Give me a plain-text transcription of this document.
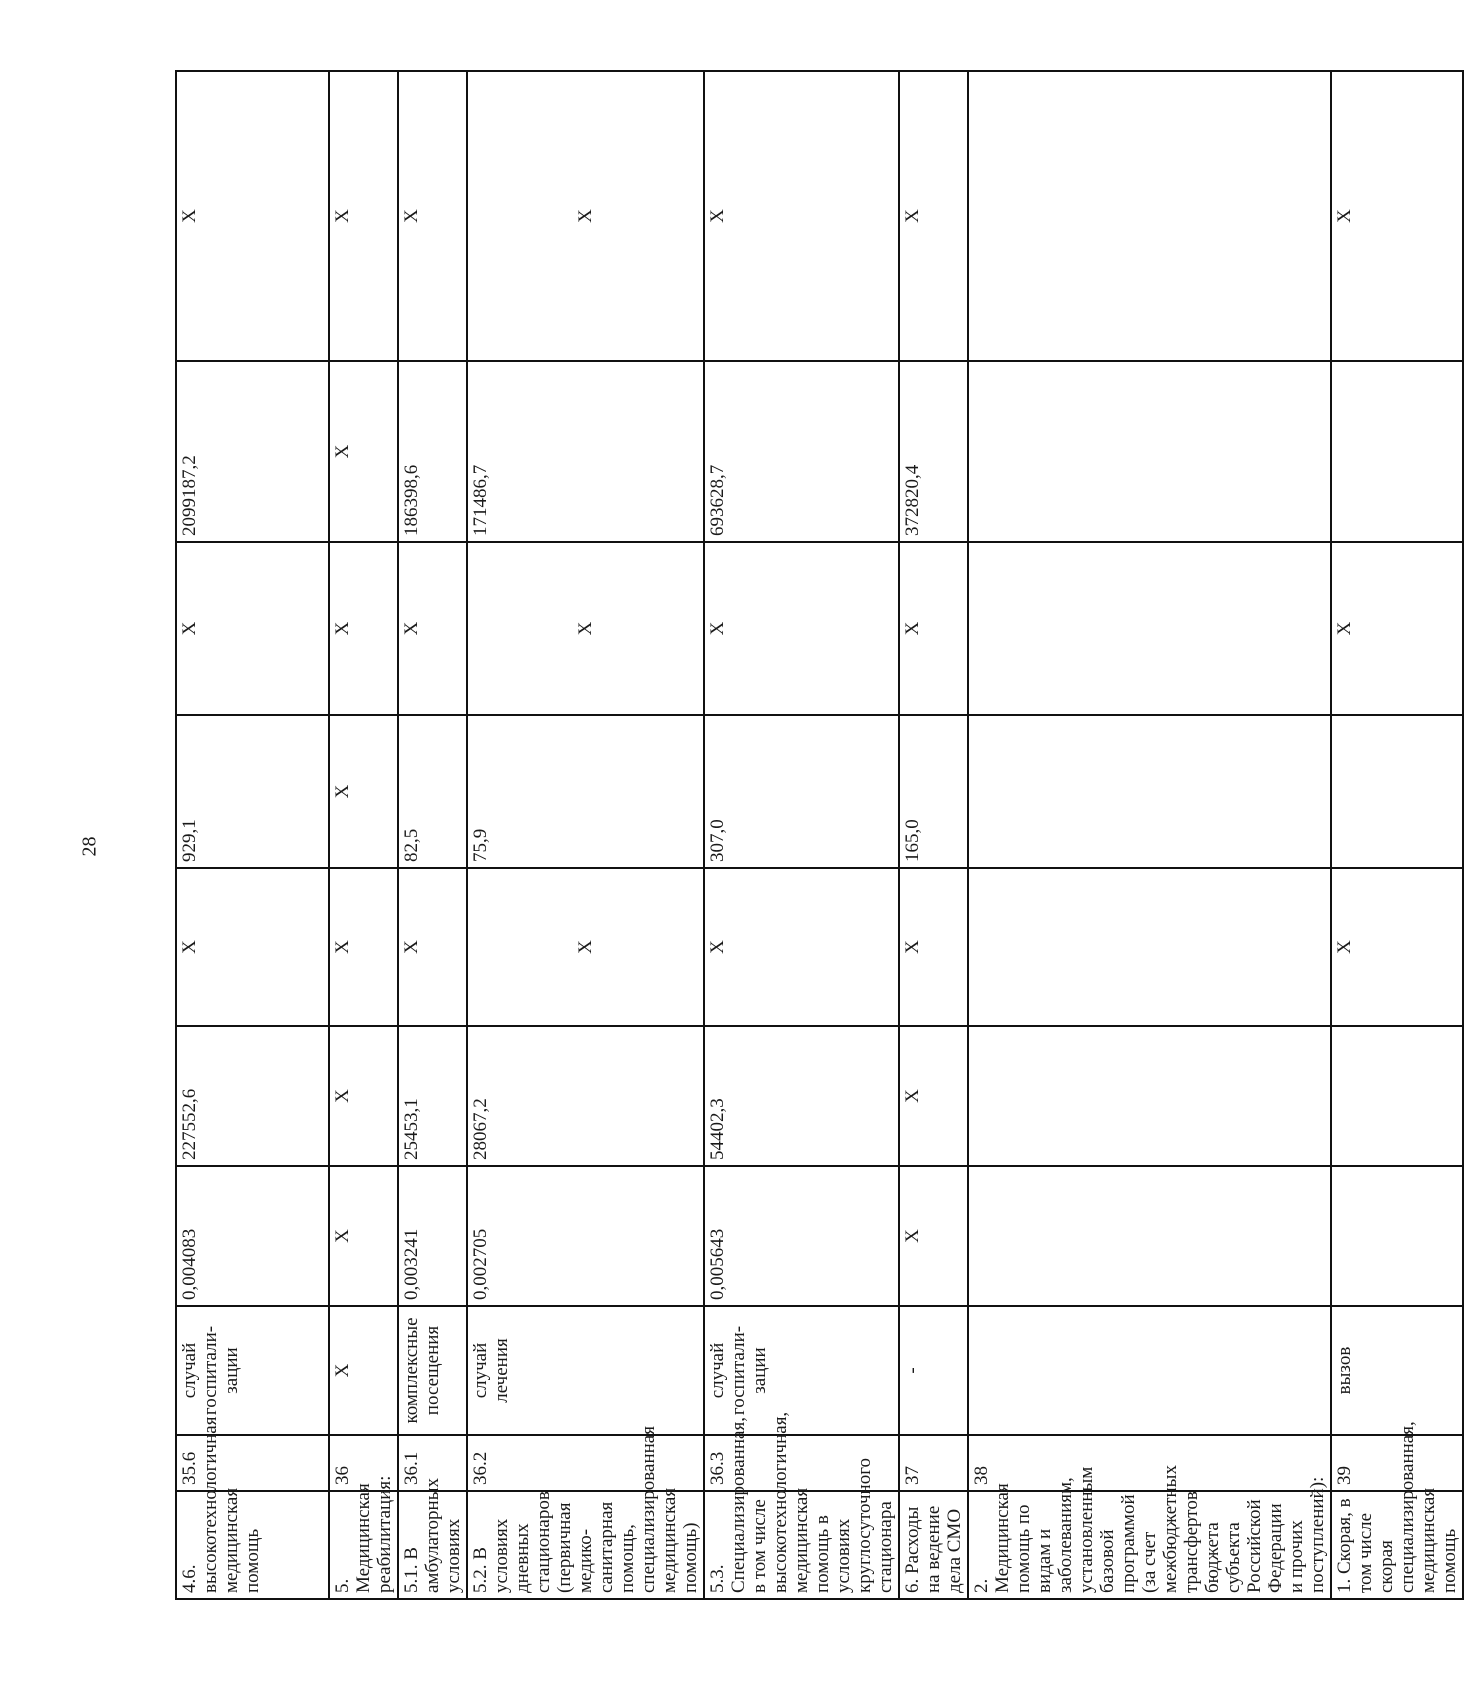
28
4.6. высокотехнологичная медицинская помощь	35.6	случай госпитали-зации	0,004083	227552,6	Х	929,1	Х	2099187,2	Х
5. Медицинская реабилитация:	36	Х	Х	Х	Х	Х	Х	Х	Х
5.1. В амбулаторных условиях	36.1	комплексные посещения	0,003241	25453,1	Х	82,5	Х	186398,6	Х
5.2. В условиях дневных стационаров (первичная медико-санитарная помощь, специализированная медицинская помощь)	36.2	случай лечения	0,002705	28067,2	Х	75,9	Х	171486,7	Х
5.3. Специализированная, в том числе высокотехнологичная, медицинская помощь в условиях круглосуточного стационара	36.3	случай госпитали-зации	0,005643	54402,3	Х	307,0	Х	693628,7	Х
6. Расходы на ведение дела СМО	37	-	Х	Х	Х	165,0	Х	372820,4	Х
2. Медицинская помощь по видам и заболеваниям, установленным базовой программой (за счет межбюджетных трансфертов бюджета субъекта Российской Федерации и прочих поступлений):	38								
1. Скорая, в том числе скорая специализированная, медицинская помощь	39	вызов			Х		Х		Х
